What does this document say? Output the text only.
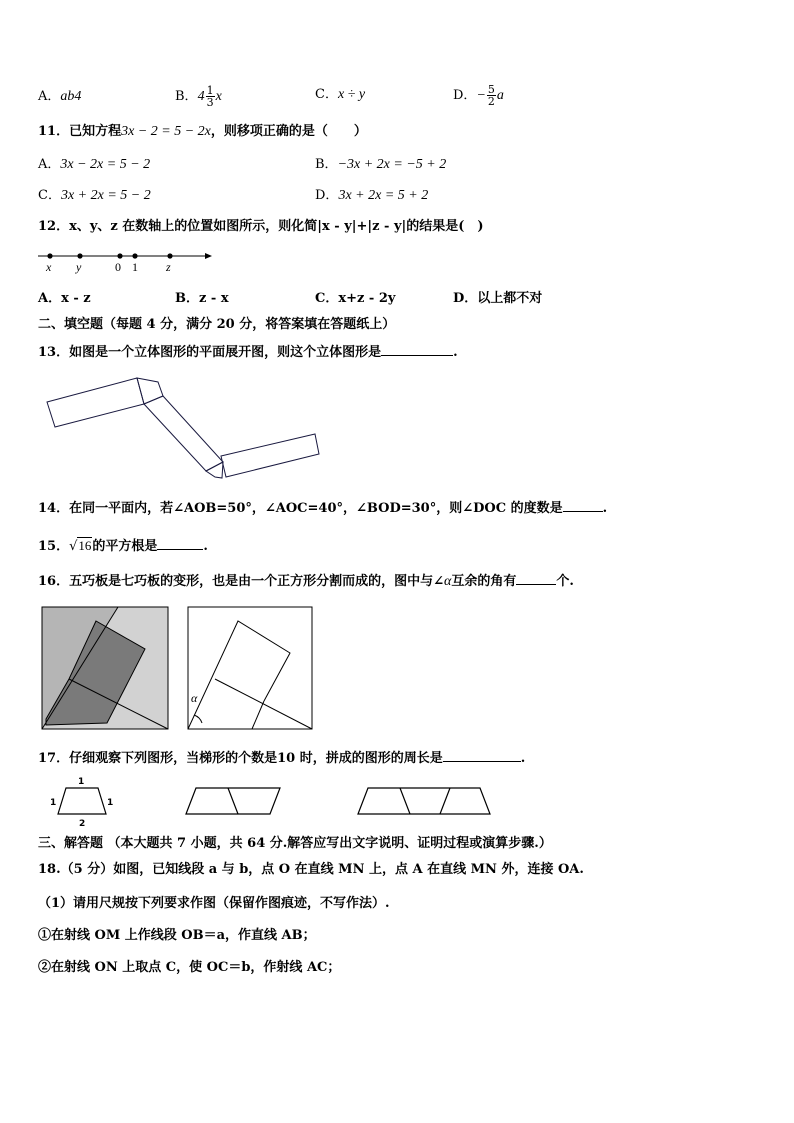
A．ab4	B．$4 \frac{1}{3}$ x	C．x ÷ y	D．− $\frac{5}{2}$ a
11．已知方程3x − 2 = 5 − 2x，则移项正确的是（　　）
A．3x − 2x = 5 − 2	B．−3x + 2x = −5 + 2
C．3x + 2x = 5 − 2	D．3x + 2x = 5 + 2
12．x、y、z 在数轴上的位置如图所示，则化简|x - y|+|z - y|的结果是(　)
x y	0 1 z
A．x - z	B．z - x	C．x+z - 2y	D．以上都不对
二、填空题（每题 4 分，满分 20 分，将答案填在答题纸上）
13．如图是一个立体图形的平面展开图，则这个立体图形是	.
14．在同一平面内，若∠AOB=50°，∠AOC=40°，∠BOD=30°，则∠DOC 的度数是	.
15．√16的平方根是	.
16．五巧板是七巧板的变形，也是由一个正方形分割而成的，图中与∠α互余的角有	个.
α
17．仔细观察下列图形，当梯形的个数是10 时，拼成的图形的周长是	.
1
1	1
2
三、解答题 （本大题共 7 小题，共 64 分.解答应写出文字说明、证明过程或演算步骤.）
18.（5 分）如图，已知线段 a 与 b，点 O 在直线 MN 上，点 A 在直线 MN 外，连接 OA.
（1）请用尺规按下列要求作图（保留作图痕迹，不写作法）.
①在射线 OM 上作线段 OB＝a，作直线 AB；
②在射线 ON 上取点 C，使 OC＝b，作射线 AC；
